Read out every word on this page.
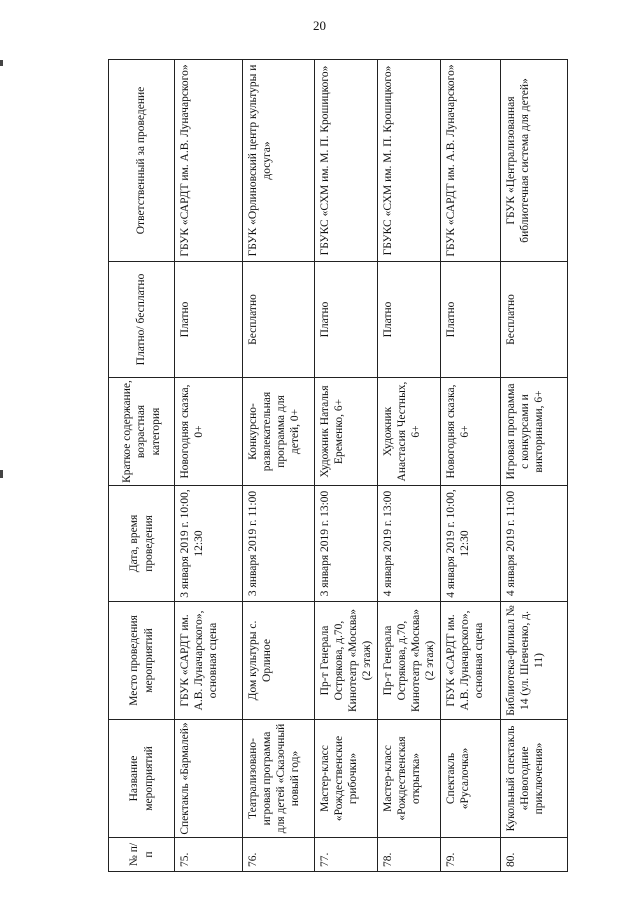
20
№ п/п	Название мероприятий	Место проведения мероприятий	Дата, время проведения	Краткое содержание, возрастная категория	Платно/ бесплатно	Ответственный за проведение
75.	Спектакль «Бармалей»	ГБУК «САРДТ им. А.В. Луначарского», основная сцена	3 января 2019 г. 10:00, 12:30	Новогодняя сказка, 0+	Платно	ГБУК «САРДТ им. А.В. Луначарского»
76.	Театрализовано-игровая программа для детей «Сказочный новый год»	Дом культуры с. Орлиное	3 января 2019 г. 11:00	Конкурсно-развлекательная программа для детей, 0+	Бесплатно	ГБУК «Орлиновский центр культуры и досуга»
77.	Мастер-класс «Рождественские грибочки»	Пр-т Генерала Острякова, д.70, Кинотеатр «Москва» (2 этаж)	3 января 2019 г. 13:00	Художник Наталья Еременко, 6+	Платно	ГБУКС «СХМ им. М. П. Крошицкого»
78.	Мастер-класс «Рождественская открытка»	Пр-т Генерала Острякова, д.70, Кинотеатр «Москва» (2 этаж)	4 января 2019 г. 13:00	Художник Анастасия Честных, 6+	Платно	ГБУКС «СХМ им. М. П. Крошицкого»
79.	Спектакль «Русалочка»	ГБУК «САРДТ им. А.В. Луначарского», основная сцена	4 января 2019 г. 10:00, 12:30	Новогодняя сказка, 6+	Платно	ГБУК «САРДТ им. А.В. Луначарского»
80.	Кукольный спектакль «Новогодние приключения»	Библиотека-филиал № 14 (ул. Шевченко, д. 11)	4 января 2019 г. 11:00	Игровая программа с конкурсами и викторинами, 6+	Бесплатно	ГБУК «Централизованная библиотечная система для детей»
